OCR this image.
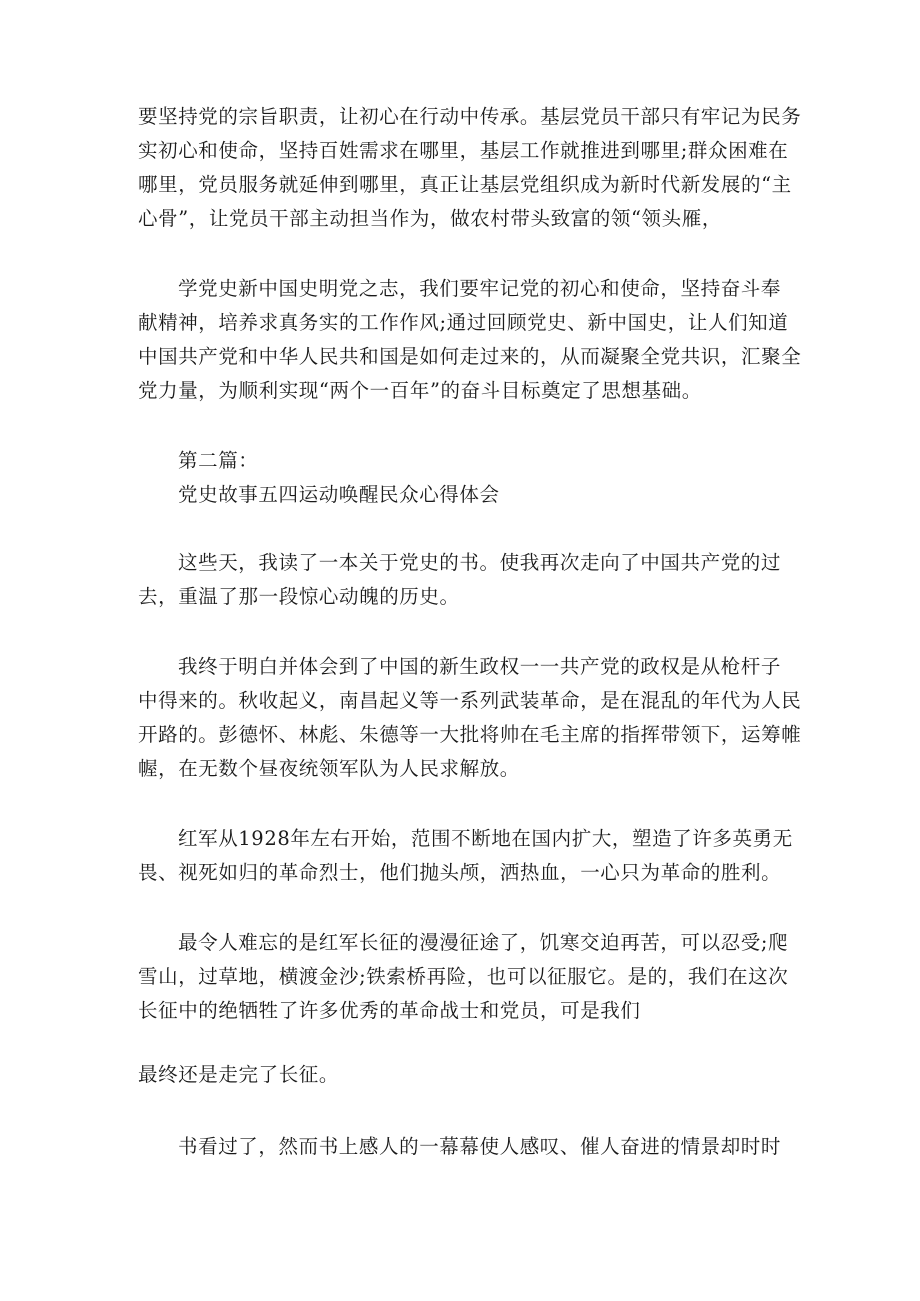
要坚持党的宗旨职责，让初心在行动中传承。基层党员干部只有牢记为民务
实初心和使命，坚持百姓需求在哪里，基层工作就推进到哪里;群众困难在
哪里，党员服务就延伸到哪里，真正让基层党组织成为新时代新发展的“主
心骨”，让党员干部主动担当作为，做农村带头致富的领“领头雁，

学党史新中国史明党之志，我们要牢记党的初心和使命，坚持奋斗奉
献精神，培养求真务实的工作作风;通过回顾党史、新中国史，让人们知道
中国共产党和中华人民共和国是如何走过来的，从而凝聚全党共识，汇聚全
党力量，为顺利实现“两个一百年”的奋斗目标奠定了思想基础。

第二篇：
党史故事五四运动唤醒民众心得体会

这些天，我读了一本关于党史的书。使我再次走向了中国共产党的过
去，重温了那一段惊心动魄的历史。

我终于明白并体会到了中国的新生政权一一共产党的政权是从枪杆子
中得来的。秋收起义，南昌起义等一系列武装革命，是在混乱的年代为人民
开路的。彭德怀、林彪、朱德等一大批将帅在毛主席的指挥带领下，运筹帷
幄，在无数个昼夜统领军队为人民求解放。

红军从1928年左右开始，范围不断地在国内扩大，塑造了许多英勇无
畏、视死如归的革命烈士，他们抛头颅，洒热血，一心只为革命的胜利。

最令人难忘的是红军长征的漫漫征途了，饥寒交迫再苦，可以忍受;爬
雪山，过草地，横渡金沙;铁索桥再险，也可以征服它。是的，我们在这次
长征中的绝牺牲了许多优秀的革命战士和党员，可是我们

最终还是走完了长征。

书看过了，然而书上感人的一幕幕使人感叹、催人奋进的情景却时时
